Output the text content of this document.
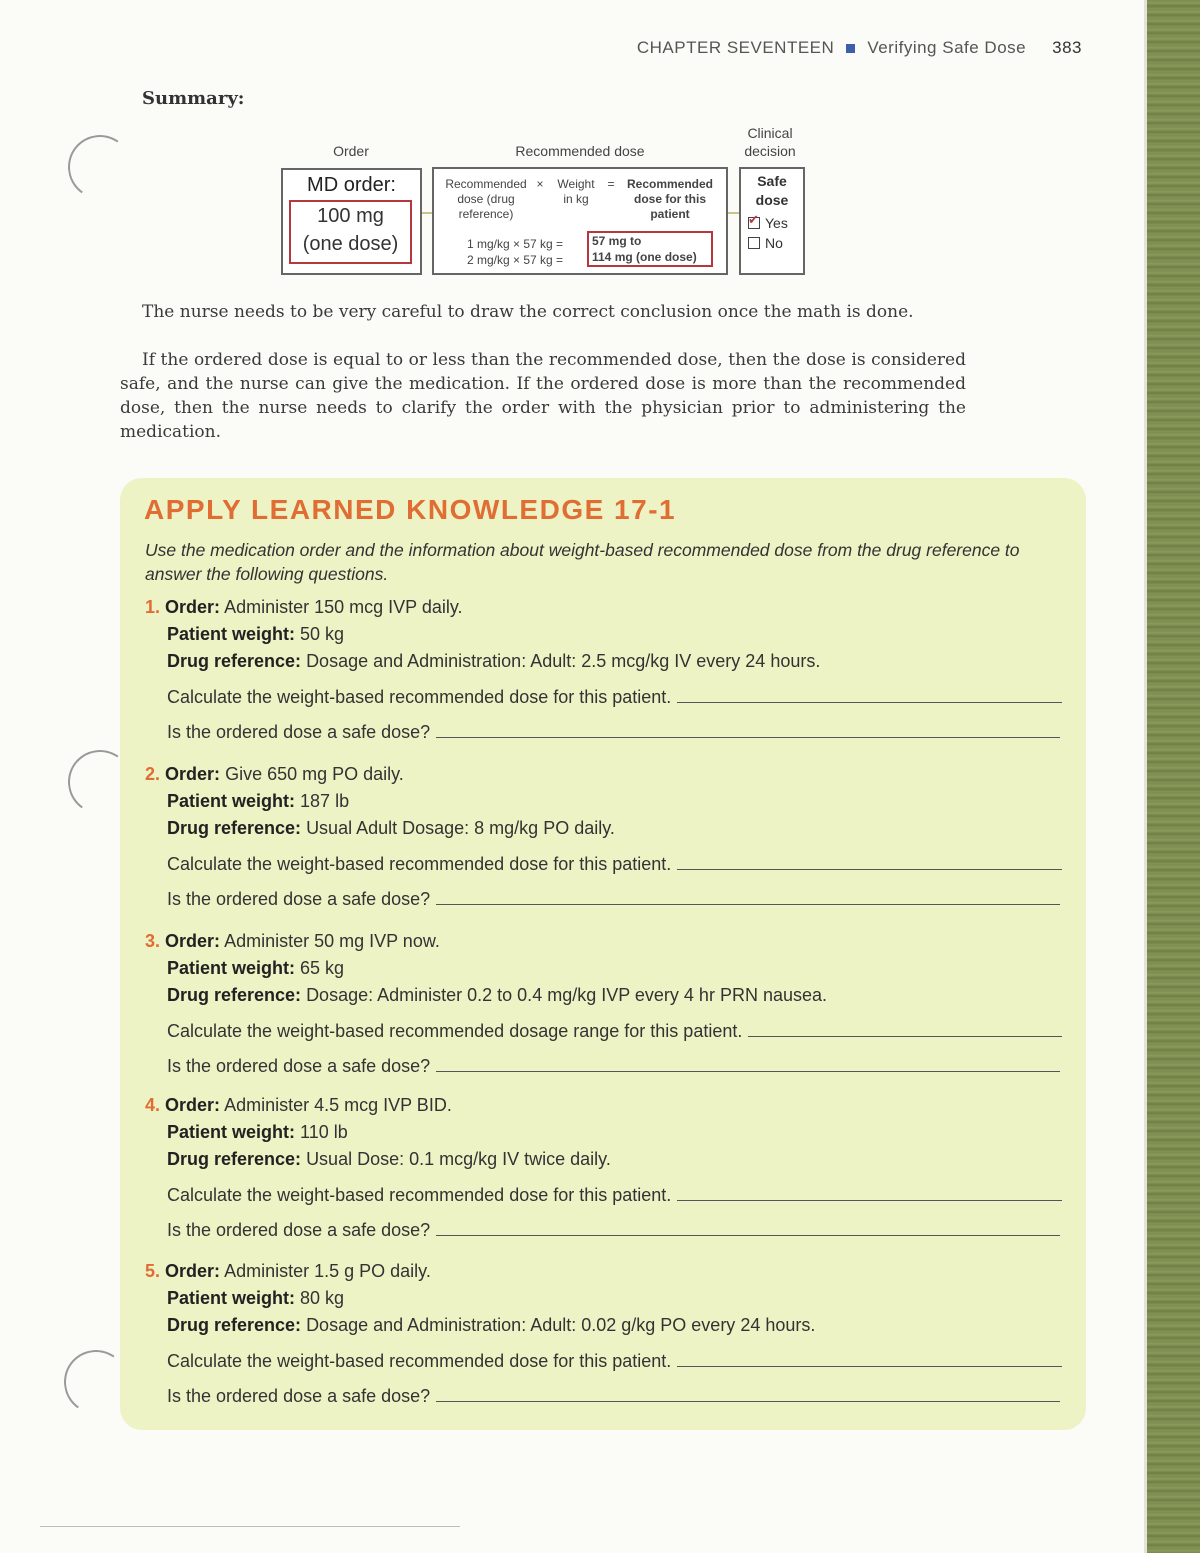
CHAPTER SEVENTEEN Verifying Safe Dose 383
Summary:
Order	Recommended dose
Clinical
decision
MD order:
100 mg
(one dose)
Recommended
dose (drug
reference)
×	Weight
in kg
=	Recommended
dose for this
patient
1 mg/kg × 57 kg =
2 mg/kg × 57 kg =
57 mg to
114 mg (one dose)
Safe
dose
✔Yes
No
The nurse needs to be very careful to draw the correct conclusion once the math is done.
If the ordered dose is equal to or less than the recommended dose, then the dose is considered safe, and the nurse can give the medication. If the ordered dose is more than the recommended dose, then the nurse needs to clarify the order with the physician prior to administering the medication.
APPLY LEARNED KNOWLEDGE 17-1
Use the medication order and the information about weight-based recommended dose from the drug reference to answer the following questions.
1. Order: Administer 150 mcg IVP daily.
Patient weight: 50 kg
Drug reference: Dosage and Administration: Adult: 2.5 mcg/kg IV every 24 hours.
Calculate the weight-based recommended dose for this patient.
Is the ordered dose a safe dose?
2. Order: Give 650 mg PO daily.
Patient weight: 187 lb
Drug reference: Usual Adult Dosage: 8 mg/kg PO daily.
Calculate the weight-based recommended dose for this patient.
Is the ordered dose a safe dose?
3. Order: Administer 50 mg IVP now.
Patient weight: 65 kg
Drug reference: Dosage: Administer 0.2 to 0.4 mg/kg IVP every 4 hr PRN nausea.
Calculate the weight-based recommended dosage range for this patient.
Is the ordered dose a safe dose?
4. Order: Administer 4.5 mcg IVP BID.
Patient weight: 110 lb
Drug reference: Usual Dose: 0.1 mcg/kg IV twice daily.
Calculate the weight-based recommended dose for this patient.
Is the ordered dose a safe dose?
5. Order: Administer 1.5 g PO daily.
Patient weight: 80 kg
Drug reference: Dosage and Administration: Adult: 0.02 g/kg PO every 24 hours.
Calculate the weight-based recommended dose for this patient.
Is the ordered dose a safe dose?
